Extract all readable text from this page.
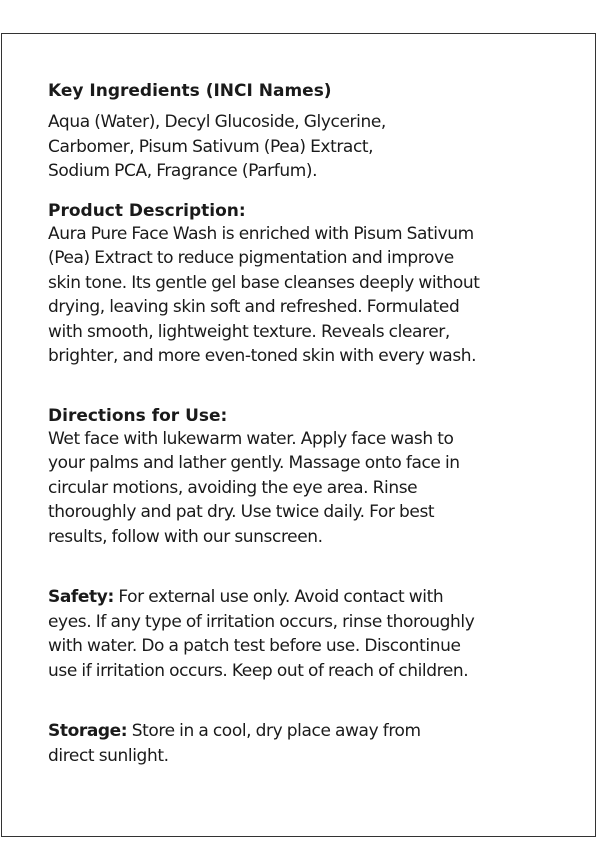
Key Ingredients (INCI Names)

Aqua (Water), Decyl Glucoside, Glycerine,
Carbomer, Pisum Sativum (Pea) Extract,
Sodium PCA, Fragrance (Parfum).

Product Description:

Aura Pure Face Wash is enriched with Pisum Sativum
(Pea) Extract to reduce pigmentation and improve
skin tone. Its gentle gel base cleanses deeply without
drying, leaving skin soft and refreshed. Formulated
with smooth, lightweight texture. Reveals clearer,
brighter, and more even-toned skin with every wash.

Directions for Use:

Wet face with lukewarm water. Apply face wash to
your palms and lather gently. Massage onto face in
circular motions, avoiding the eye area. Rinse
thoroughly and pat dry. Use twice daily. For best
results, follow with our sunscreen.

Safety: For external use only. Avoid contact with
eyes. If any type of irritation occurs, rinse thoroughly
with water. Do a patch test before use. Discontinue
use if irritation occurs. Keep out of reach of children.

Storage: Store in a cool, dry place away from
direct sunlight.
